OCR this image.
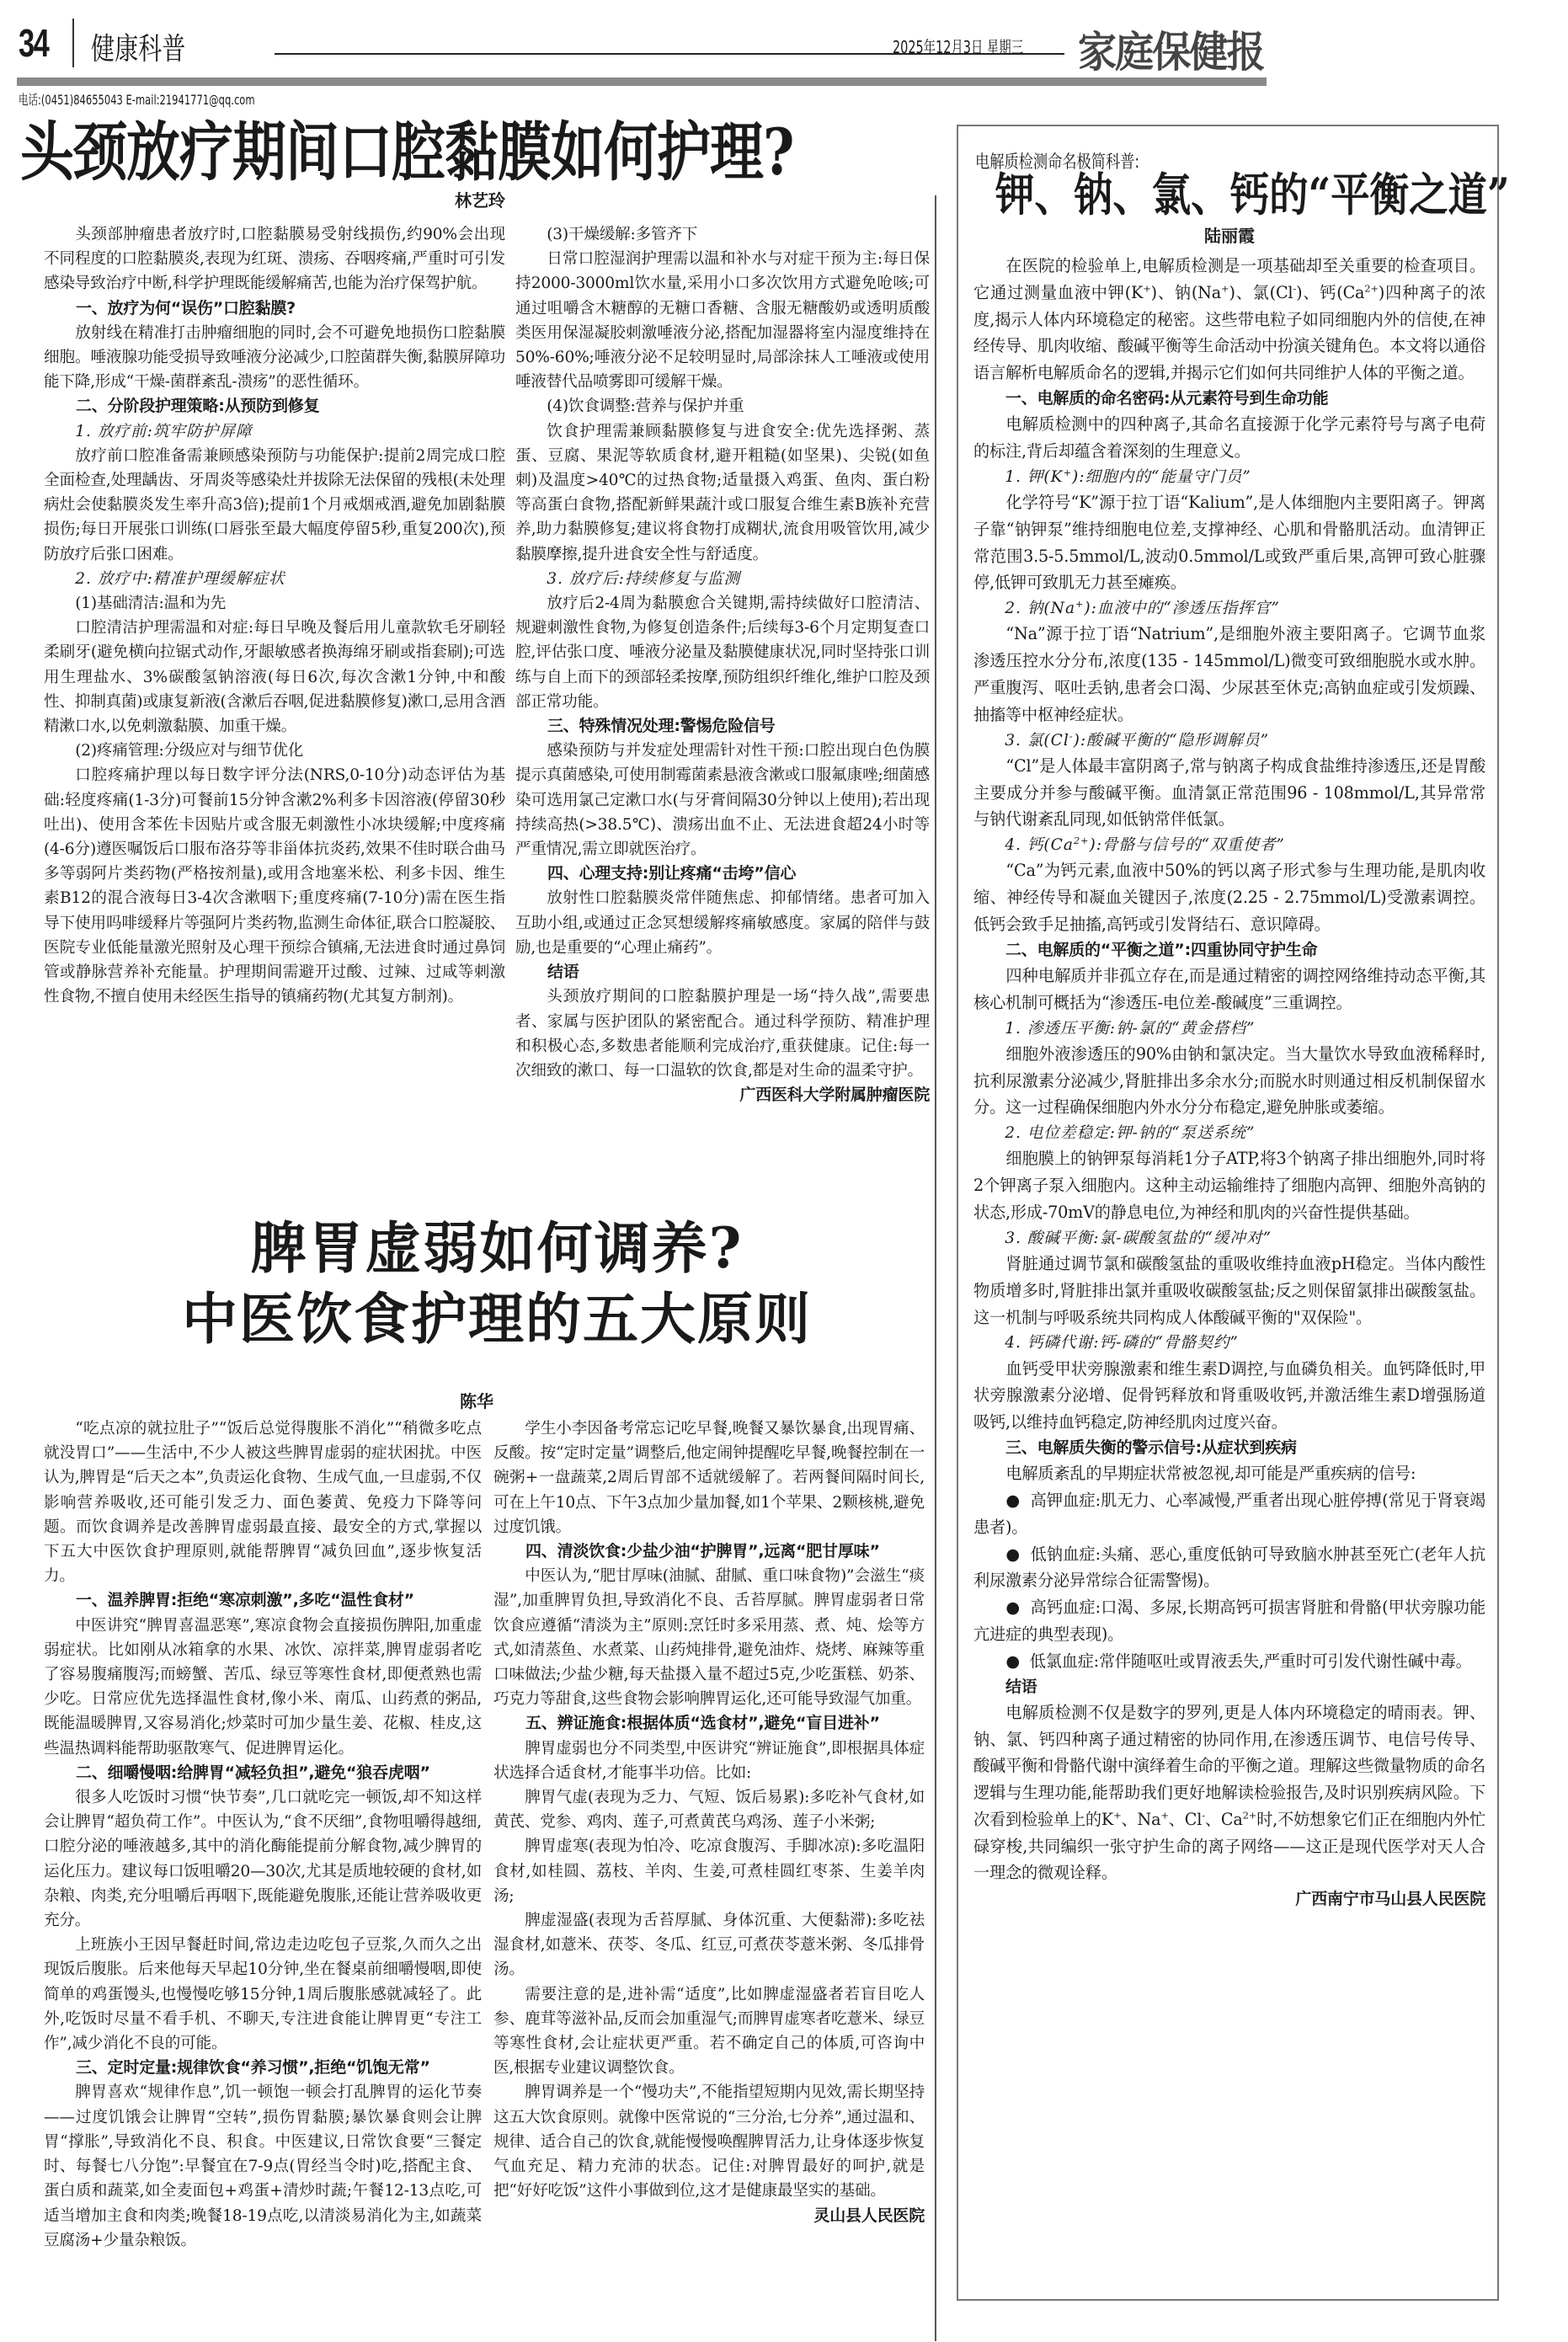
34 健康科普	2025年12月3日 星期三 家庭保健报
电话:(0451)84655043 E-mail:21941771@qq.com
头颈放疗期间口腔黏膜如何护理?
林艺玲

头颈部肿瘤患者放疗时,口腔黏膜易受射线损伤,约90%会出现不同程度的口腔黏膜炎,表现为红斑、溃疡、吞咽疼痛,严重时可引发感染导致治疗中断,科学护理既能缓解痛苦,也能为治疗保驾护航。

一、放疗为何“误伤”口腔黏膜?

放射线在精准打击肿瘤细胞的同时,会不可避免地损伤口腔黏膜细胞。唾液腺功能受损导致唾液分泌减少,口腔菌群失衡,黏膜屏障功能下降,形成“干燥-菌群紊乱-溃疡”的恶性循环。

二、分阶段护理策略:从预防到修复
1. 放疗前:筑牢防护屏障

放疗前口腔准备需兼顾感染预防与功能保护:提前2周完成口腔全面检查,处理龋齿、牙周炎等感染灶并拔除无法保留的残根(未处理病灶会使黏膜炎发生率升高3倍);提前1个月戒烟戒酒,避免加剧黏膜损伤;每日开展张口训练(口唇张至最大幅度停留5秒,重复200次),预防放疗后张口困难。

2. 放疗中:精准护理缓解症状

(1)基础清洁:温和为先

口腔清洁护理需温和对症:每日早晚及餐后用儿童款软毛牙刷轻柔刷牙(避免横向拉锯式动作,牙龈敏感者换海绵牙刷或指套刷);可选用生理盐水、3%碳酸氢钠溶液(每日6次,每次含漱1分钟,中和酸性、抑制真菌)或康复新液(含漱后吞咽,促进黏膜修复)漱口,忌用含酒精漱口水,以免刺激黏膜、加重干燥。

(2)疼痛管理:分级应对与细节优化

口腔疼痛护理以每日数字评分法(NRS,0-10分)动态评估为基础:轻度疼痛(1-3分)可餐前15分钟含漱2%利多卡因溶液(停留30秒吐出)、使用含苯佐卡因贴片或含服无刺激性小冰块缓解;中度疼痛(4-6分)遵医嘱饭后口服布洛芬等非甾体抗炎药,效果不佳时联合曲马多等弱阿片类药物(严格按剂量),或用含地塞米松、利多卡因、维生素B12的混合液每日3-4次含漱咽下;重度疼痛(7-10分)需在医生指导下使用吗啡缓释片等强阿片类药物,监测生命体征,联合口腔凝胶、医院专业低能量激光照射及心理干预综合镇痛,无法进食时通过鼻饲管或静脉营养补充能量。护理期间需避开过酸、过辣、过咸等刺激性食物,不擅自使用未经医生指导的镇痛药物(尤其复方制剂)。

(3)干燥缓解:多管齐下

日常口腔湿润护理需以温和补水与对症干预为主:每日保持2000-3000ml饮水量,采用小口多次饮用方式避免呛咳;可通过咀嚼含木糖醇的无糖口香糖、含服无糖酸奶或透明质酸类医用保湿凝胶刺激唾液分泌,搭配加湿器将室内湿度维持在50%-60%;唾液分泌不足较明显时,局部涂抹人工唾液或使用唾液替代品喷雾即可缓解干燥。

(4)饮食调整:营养与保护并重

饮食护理需兼顾黏膜修复与进食安全:优先选择粥、蒸蛋、豆腐、果泥等软质食材,避开粗糙(如坚果)、尖锐(如鱼刺)及温度>40℃的过热食物;适量摄入鸡蛋、鱼肉、蛋白粉等高蛋白食物,搭配新鲜果蔬汁或口服复合维生素B族补充营养,助力黏膜修复;建议将食物打成糊状,流食用吸管饮用,减少黏膜摩擦,提升进食安全性与舒适度。

3. 放疗后:持续修复与监测

放疗后2-4周为黏膜愈合关键期,需持续做好口腔清洁、规避刺激性食物,为修复创造条件;后续每3-6个月定期复查口腔,评估张口度、唾液分泌量及黏膜健康状况,同时坚持张口训练与自上而下的颈部轻柔按摩,预防组织纤维化,维护口腔及颈部正常功能。

三、特殊情况处理:警惕危险信号

感染预防与并发症处理需针对性干预:口腔出现白色伪膜提示真菌感染,可使用制霉菌素悬液含漱或口服氟康唑;细菌感染可选用氯己定漱口水(与牙膏间隔30分钟以上使用);若出现持续高热(>38.5℃)、溃疡出血不止、无法进食超24小时等严重情况,需立即就医治疗。

四、心理支持:别让疼痛“击垮”信心

放射性口腔黏膜炎常伴随焦虑、抑郁情绪。患者可加入互助小组,或通过正念冥想缓解疼痛敏感度。家属的陪伴与鼓励,也是重要的“心理止痛药”。

结语

头颈放疗期间的口腔黏膜护理是一场“持久战”,需要患者、家属与医护团队的紧密配合。通过科学预防、精准护理和积极心态,多数患者能顺利完成治疗,重获健康。记住:每一次细致的漱口、每一口温软的饮食,都是对生命的温柔守护。

广西医科大学附属肿瘤医院

脾胃虚弱如何调养?
中医饮食护理的五大原则
陈华

“吃点凉的就拉肚子”“饭后总觉得腹胀不消化”“稍微多吃点就没胃口”——生活中,不少人被这些脾胃虚弱的症状困扰。中医认为,脾胃是“后天之本”,负责运化食物、生成气血,一旦虚弱,不仅影响营养吸收,还可能引发乏力、面色萎黄、免疫力下降等问题。而饮食调养是改善脾胃虚弱最直接、最安全的方式,掌握以下五大中医饮食护理原则,就能帮脾胃“减负回血”,逐步恢复活力。

一、温养脾胃:拒绝“寒凉刺激”,多吃“温性食材”

中医讲究“脾胃喜温恶寒”,寒凉食物会直接损伤脾阳,加重虚弱症状。比如刚从冰箱拿的水果、冰饮、凉拌菜,脾胃虚弱者吃了容易腹痛腹泻;而螃蟹、苦瓜、绿豆等寒性食材,即便煮熟也需少吃。日常应优先选择温性食材,像小米、南瓜、山药煮的粥品,既能温暖脾胃,又容易消化;炒菜时可加少量生姜、花椒、桂皮,这些温热调料能帮助驱散寒气、促进脾胃运化。

二、细嚼慢咽:给脾胃“减轻负担”,避免“狼吞虎咽”

很多人吃饭时习惯“快节奏”,几口就吃完一顿饭,却不知这样会让脾胃“超负荷工作”。中医认为,“食不厌细”,食物咀嚼得越细,口腔分泌的唾液越多,其中的消化酶能提前分解食物,减少脾胃的运化压力。建议每口饭咀嚼20—30次,尤其是质地较硬的食材,如杂粮、肉类,充分咀嚼后再咽下,既能避免腹胀,还能让营养吸收更充分。

上班族小王因早餐赶时间,常边走边吃包子豆浆,久而久之出现饭后腹胀。后来他每天早起10分钟,坐在餐桌前细嚼慢咽,即使简单的鸡蛋馒头,也慢慢吃够15分钟,1周后腹胀感就减轻了。此外,吃饭时尽量不看手机、不聊天,专注进食能让脾胃更“专注工作”,减少消化不良的可能。

三、定时定量:规律饮食“养习惯”,拒绝“饥饱无常”

脾胃喜欢“规律作息”,饥一顿饱一顿会打乱脾胃的运化节奏——过度饥饿会让脾胃“空转”,损伤胃黏膜;暴饮暴食则会让脾胃“撑胀”,导致消化不良、积食。中医建议,日常饮食要“三餐定时、每餐七八分饱”:早餐宜在7-9点(胃经当令时)吃,搭配主食、蛋白质和蔬菜,如全麦面包+鸡蛋+清炒时蔬;午餐12-13点吃,可适当增加主食和肉类;晚餐18-19点吃,以清淡易消化为主,如蔬菜豆腐汤+少量杂粮饭。

学生小李因备考常忘记吃早餐,晚餐又暴饮暴食,出现胃痛、反酸。按“定时定量”调整后,他定闹钟提醒吃早餐,晚餐控制在一碗粥+一盘蔬菜,2周后胃部不适就缓解了。若两餐间隔时间长,可在上午10点、下午3点加少量加餐,如1个苹果、2颗核桃,避免过度饥饿。

四、清淡饮食:少盐少油“护脾胃”,远离“肥甘厚味”

中医认为,“肥甘厚味(油腻、甜腻、重口味食物)”会滋生“痰湿”,加重脾胃负担,导致消化不良、舌苔厚腻。脾胃虚弱者日常饮食应遵循“清淡为主”原则:烹饪时多采用蒸、煮、炖、烩等方式,如清蒸鱼、水煮菜、山药炖排骨,避免油炸、烧烤、麻辣等重口味做法;少盐少糖,每天盐摄入量不超过5克,少吃蛋糕、奶茶、巧克力等甜食,这些食物会影响脾胃运化,还可能导致湿气加重。

五、辨证施食:根据体质“选食材”,避免“盲目进补”

脾胃虚弱也分不同类型,中医讲究“辨证施食”,即根据具体症状选择合适食材,才能事半功倍。比如:

脾胃气虚(表现为乏力、气短、饭后易累):多吃补气食材,如黄芪、党参、鸡肉、莲子,可煮黄芪乌鸡汤、莲子小米粥;

脾胃虚寒(表现为怕冷、吃凉食腹泻、手脚冰凉):多吃温阳食材,如桂圆、荔枝、羊肉、生姜,可煮桂圆红枣茶、生姜羊肉汤;

脾虚湿盛(表现为舌苔厚腻、身体沉重、大便黏滞):多吃祛湿食材,如薏米、茯苓、冬瓜、红豆,可煮茯苓薏米粥、冬瓜排骨汤。

需要注意的是,进补需“适度”,比如脾虚湿盛者若盲目吃人参、鹿茸等滋补品,反而会加重湿气;而脾胃虚寒者吃薏米、绿豆等寒性食材,会让症状更严重。若不确定自己的体质,可咨询中医,根据专业建议调整饮食。

脾胃调养是一个“慢功夫”,不能指望短期内见效,需长期坚持这五大饮食原则。就像中医常说的“三分治,七分养”,通过温和、规律、适合自己的饮食,就能慢慢唤醒脾胃活力,让身体逐步恢复气血充足、精力充沛的状态。记住:对脾胃最好的呵护,就是把“好好吃饭”这件小事做到位,这才是健康最坚实的基础。

灵山县人民医院

电解质检测命名极简科普:
钾、钠、氯、钙的“平衡之道”
陆丽霞

在医院的检验单上,电解质检测是一项基础却至关重要的检查项目。它通过测量血液中钾(K+)、钠(Na+)、氯(Cl-)、钙$(Ca^{2+})$四种离子的浓度,揭示人体内环境稳定的秘密。这些带电粒子如同细胞内外的信使,在神经传导、肌肉收缩、酸碱平衡等生命活动中扮演关键角色。本文将以通俗语言解析电解质命名的逻辑,并揭示它们如何共同维护人体的平衡之道。

一、电解质的命名密码:从元素符号到生命功能

电解质检测中的四种离子,其命名直接源于化学元素符号与离子电荷的标注,背后却蕴含着深刻的生理意义。

1. 钾(K+):细胞内的“能量守门员”

化学符号“K”源于拉丁语“Kalium”,是人体细胞内主要阳离子。钾离子靠“钠钾泵”维持细胞电位差,支撑神经、心肌和骨骼肌活动。血清钾正常范围3.5-5.5mmol/L,波动0.5mmol/L或致严重后果,高钾可致心脏骤停,低钾可致肌无力甚至瘫痪。

2. 钠(Na+):血液中的“渗透压指挥官”

“Na”源于拉丁语“Natrium”,是细胞外液主要阳离子。它调节血浆渗透压控水分分布,浓度(135 - 145mmol/L)微变可致细胞脱水或水肿。严重腹泻、呕吐丢钠,患者会口渴、少尿甚至休克;高钠血症或引发烦躁、抽搐等中枢神经症状。

3. 氯(Cl-):酸碱平衡的“隐形调解员”

“Cl”是人体最丰富阴离子,常与钠离子构成食盐维持渗透压,还是胃酸主要成分并参与酸碱平衡。血清氯正常范围96 - 108mmol/L,其异常常与钠代谢紊乱同现,如低钠常伴低氯。

4. 钙$(Ca^{2+})$:骨骼与信号的“双重使者”

“Ca”为钙元素,血液中50%的钙以离子形式参与生理功能,是肌肉收缩、神经传导和凝血关键因子,浓度(2.25 - 2.75mmol/L)受激素调控。低钙会致手足抽搐,高钙或引发肾结石、意识障碍。

二、电解质的“平衡之道”:四重协同守护生命

四种电解质并非孤立存在,而是通过精密的调控网络维持动态平衡,其核心机制可概括为“渗透压-电位差-酸碱度”三重调控。

1. 渗透压平衡:钠-氯的“黄金搭档”

细胞外液渗透压的90%由钠和氯决定。当大量饮水导致血液稀释时,抗利尿激素分泌减少,肾脏排出多余水分;而脱水时则通过相反机制保留水分。这一过程确保细胞内外水分分布稳定,避免肿胀或萎缩。

2. 电位差稳定:钾-钠的“泵送系统”

细胞膜上的钠钾泵每消耗1分子ATP,将3个钠离子排出细胞外,同时将2个钾离子泵入细胞内。这种主动运输维持了细胞内高钾、细胞外高钠的状态,形成-70mV的静息电位,为神经和肌肉的兴奋性提供基础。

3. 酸碱平衡:氯-碳酸氢盐的“缓冲对”

肾脏通过调节氯和碳酸氢盐的重吸收维持血液pH稳定。当体内酸性物质增多时,肾脏排出氯并重吸收碳酸氢盐;反之则保留氯排出碳酸氢盐。这一机制与呼吸系统共同构成人体酸碱平衡的"双保险"。

4. 钙磷代谢:钙-磷的“骨骼契约”

血钙受甲状旁腺激素和维生素D调控,与血磷负相关。血钙降低时,甲状旁腺激素分泌增、促骨钙释放和肾重吸收钙,并激活维生素D增强肠道吸钙,以维持血钙稳定,防神经肌肉过度兴奋。

三、电解质失衡的警示信号:从症状到疾病

电解质紊乱的早期症状常被忽视,却可能是严重疾病的信号:

●  高钾血症:肌无力、心率减慢,严重者出现心脏停搏(常见于肾衰竭患者)。

●  低钠血症:头痛、恶心,重度低钠可导致脑水肿甚至死亡(老年人抗利尿激素分泌异常综合征需警惕)。

●  高钙血症:口渴、多尿,长期高钙可损害肾脏和骨骼(甲状旁腺功能亢进症的典型表现)。

●  低氯血症:常伴随呕吐或胃液丢失,严重时可引发代谢性碱中毒。

结语

电解质检测不仅是数字的罗列,更是人体内环境稳定的晴雨表。钾、钠、氯、钙四种离子通过精密的协同作用,在渗透压调节、电信号传导、酸碱平衡和骨骼代谢中演绎着生命的平衡之道。理解这些微量物质的命名逻辑与生理功能,能帮助我们更好地解读检验报告,及时识别疾病风险。下次看到检验单上的K+、Na+、Cl-、$Ca^{2+}$时,不妨想象它们正在细胞内外忙碌穿梭,共同编织一张守护生命的离子网络——这正是现代医学对天人合一理念的微观诠释。

广西南宁市马山县人民医院
